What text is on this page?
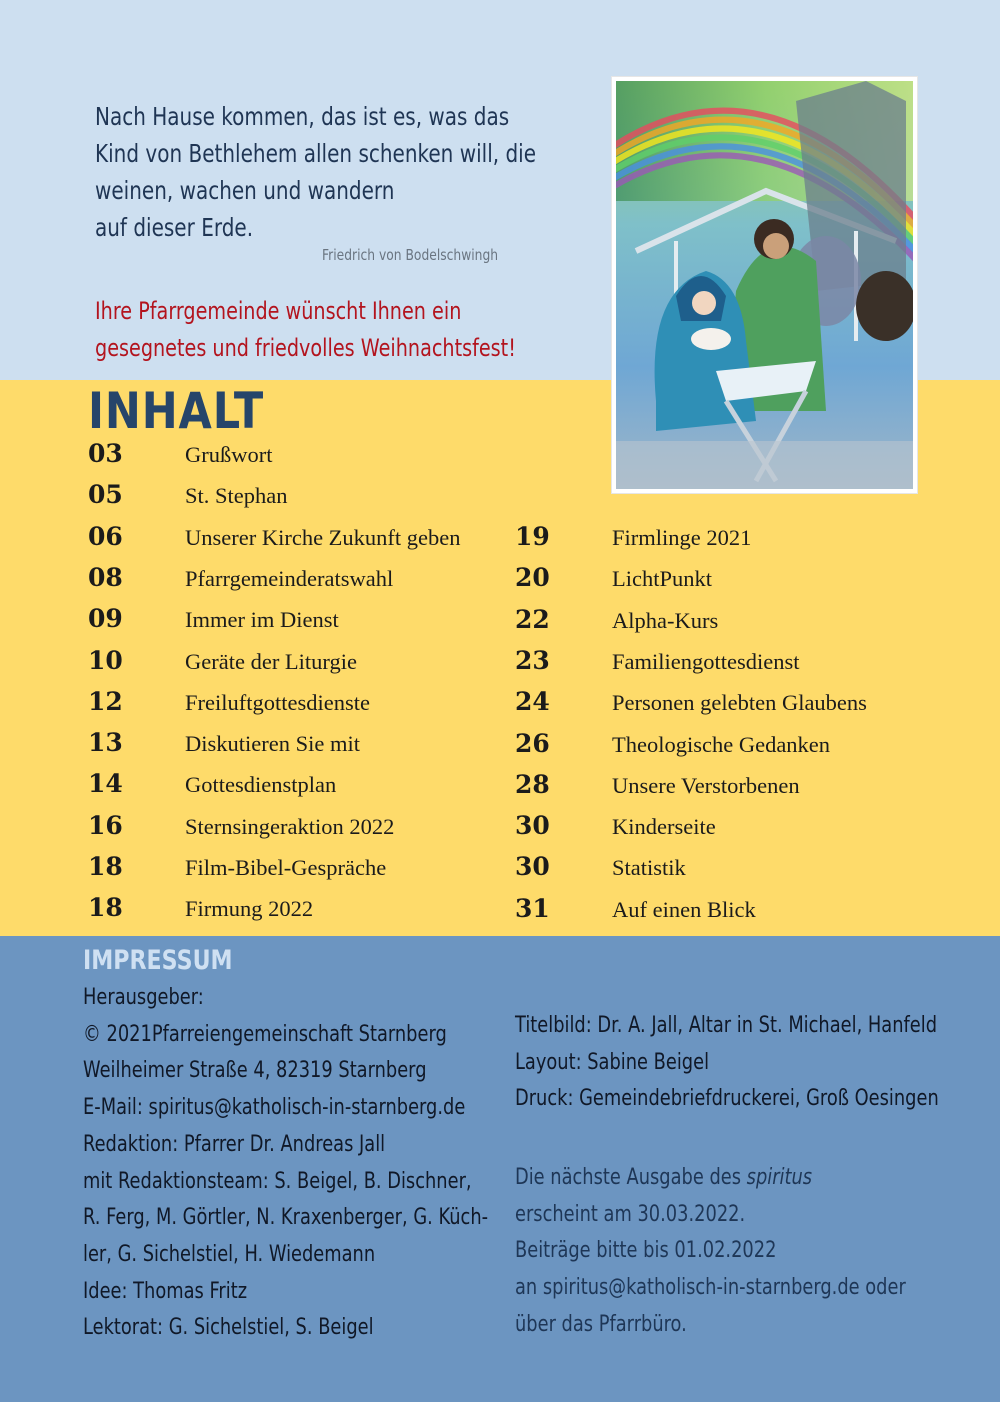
Nach Hause kommen, das ist es, was das
Kind von Bethlehem allen schenken will, die
weinen, wachen und wandern
auf dieser Erde.
Friedrich von Bodelschwingh
Ihre Pfarrgemeinde wünscht Ihnen ein
gesegnetes und friedvolles Weihnachtsfest!
INHALT
03	Grußwort
05	St. Stephan
06	Unserer Kirche Zukunft geben
08	Pfarrgemeinderatswahl
09	Immer im Dienst
10	Geräte der Liturgie
12	Freiluftgottesdienste
13	Diskutieren Sie mit
14	Gottesdienstplan
16	Sternsingeraktion 2022
18	Film-Bibel-Gespräche
18	Firmung 2022
19	Firmlinge 2021
20	LichtPunkt
22	Alpha-Kurs
23	Familiengottesdienst
24	Personen gelebten Glaubens
26	Theologische Gedanken
28	Unsere Verstorbenen
30	Kinderseite
30	Statistik
31	Auf einen Blick
IMPRESSUM
Herausgeber:
© 2021Pfarreiengemeinschaft Starnberg
Weilheimer Straße 4, 82319 Starnberg
E-Mail: spiritus@katholisch-in-starnberg.de
Redaktion: Pfarrer Dr. Andreas Jall
mit Redaktionsteam: S. Beigel, B. Dischner,
R. Ferg, M. Görtler, N. Kraxenberger, G. Küch-
ler, G. Sichelstiel, H. Wiedemann
Idee: Thomas Fritz
Lektorat: G. Sichelstiel, S. Beigel
Titelbild: Dr. A. Jall, Altar in St. Michael, Hanfeld
Layout: Sabine Beigel
Druck: Gemeindebriefdruckerei, Groß Oesingen
Die nächste Ausgabe des spiritus
erscheint am 30.03.2022.
Beiträge bitte bis 01.02.2022
an spiritus@katholisch-in-starnberg.de oder
über das Pfarrbüro.
